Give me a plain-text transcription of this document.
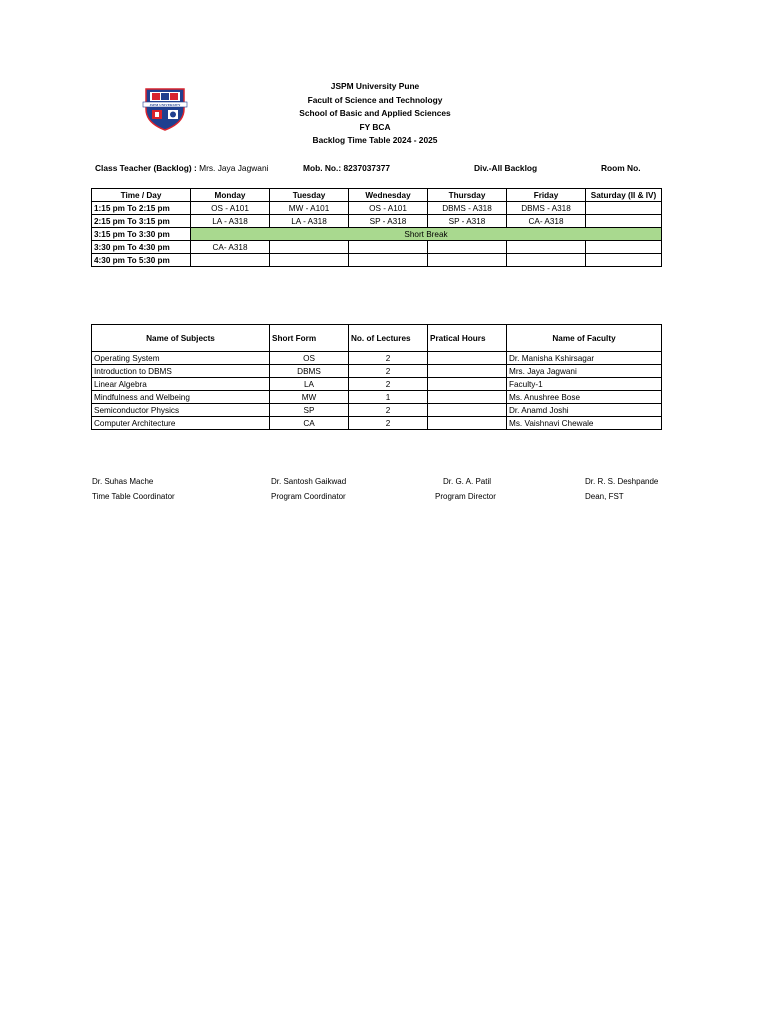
JSPM UNIVERSITY
JSPM University Pune
Facult of Science and Technology
School of Basic and Applied Sciences
FY BCA
Backlog Time Table 2024 - 2025
Class Teacher (Backlog) : Mrs. Jaya Jagwani	Mob. No.: 8237037377	Div.-All Backlog	Room No.
Time / Day	Monday	Tuesday	Wednesday	Thursday	Friday	Saturday (II & IV)
1:15 pm To 2:15 pm	OS - A101	MW - A101	OS - A101	DBMS - A318	DBMS - A318	
2:15 pm To 3:15 pm	LA - A318	LA - A318	SP - A318	SP - A318	CA- A318	
3:15 pm To 3:30 pm	Short Break					
3:30 pm To 4:30 pm	CA- A318					
4:30 pm To 5:30 pm						
Name of Subjects	Short Form	No. of Lectures	Pratical Hours	Name of Faculty
Operating System	OS	2		Dr. Manisha Kshirsagar
Introduction to DBMS	DBMS	2		Mrs. Jaya Jagwani
Linear Algebra	LA	2		Faculty-1
Mindfulness and Welbeing	MW	1		Ms. Anushree Bose
Semiconductor Physics	SP	2		Dr. Anamd Joshi
Computer Architecture	CA	2		Ms. Vaishnavi Chewale
Dr. Suhas Mache
Time Table Coordinator
Dr. Santosh Gaikwad
Program Coordinator
Dr. G. A. Patil
Program Director
Dr. R. S. Deshpande
Dean, FST
